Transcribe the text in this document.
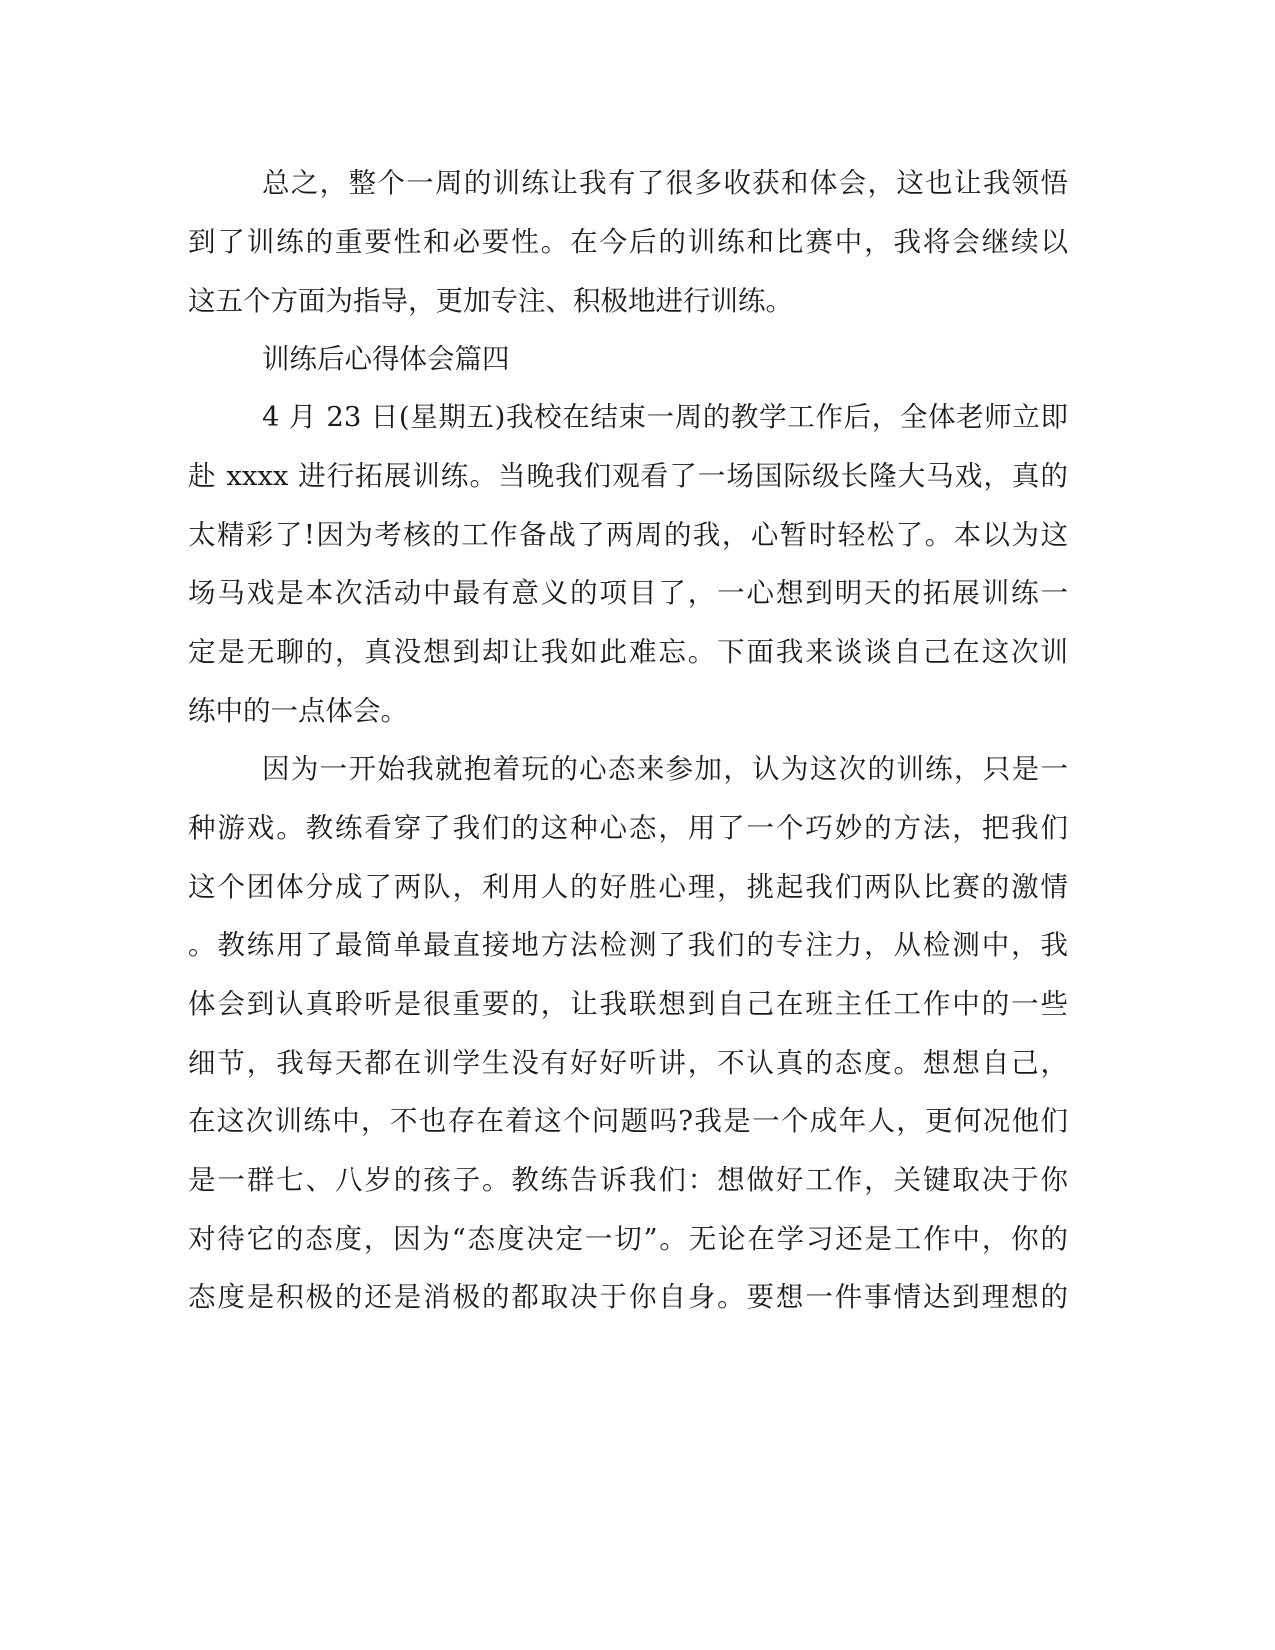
总之，整个一周的训练让我有了很多收获和体会，这也让我领悟

到了训练的重要性和必要性。在今后的训练和比赛中，我将会继续以

这五个方面为指导，更加专注、积极地进行训练。

训练后心得体会篇四

4 月 23 日(星期五)我校在结束一周的教学工作后，全体老师立即

赴 xxxx 进行拓展训练。当晚我们观看了一场国际级长隆大马戏，真的

太精彩了!因为考核的工作备战了两周的我，心暂时轻松了。本以为这

场马戏是本次活动中最有意义的项目了，一心想到明天的拓展训练一

定是无聊的，真没想到却让我如此难忘。下面我来谈谈自己在这次训

练中的一点体会。

因为一开始我就抱着玩的心态来参加，认为这次的训练，只是一

种游戏。教练看穿了我们的这种心态，用了一个巧妙的方法，把我们

这个团体分成了两队，利用人的好胜心理，挑起我们两队比赛的激情

。教练用了最简单最直接地方法检测了我们的专注力，从检测中，我

体会到认真聆听是很重要的，让我联想到自己在班主任工作中的一些

细节，我每天都在训学生没有好好听讲，不认真的态度。想想自己，

在这次训练中，不也存在着这个问题吗?我是一个成年人，更何况他们

是一群七、八岁的孩子。教练告诉我们：想做好工作，关键取决于你

对待它的态度，因为“态度决定一切”。无论在学习还是工作中，你的

态度是积极的还是消极的都取决于你自身。要想一件事情达到理想的
